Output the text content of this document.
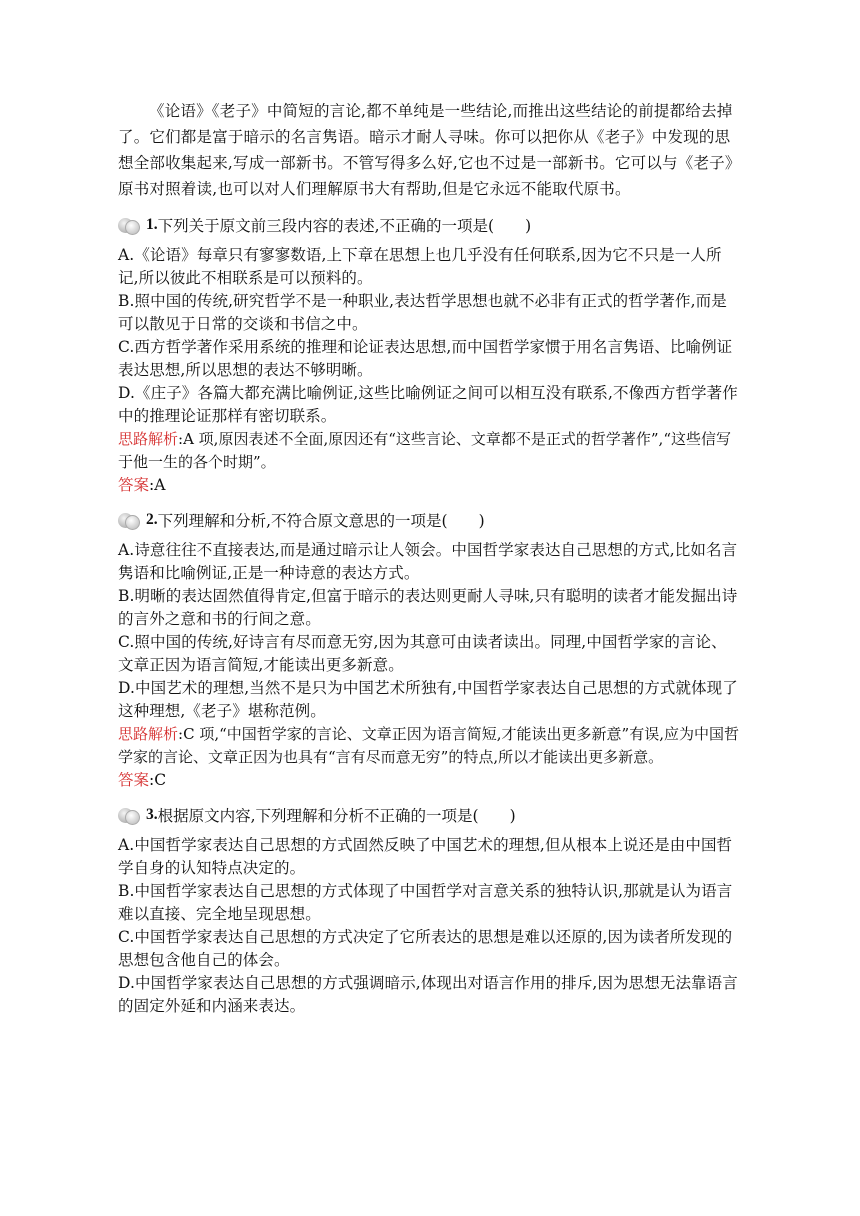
《论语》《老子》中简短的言论,都不单纯是一些结论,而推出这些结论的前提都给去掉了。它们都是富于暗示的名言隽语。暗示才耐人寻味。你可以把你从《老子》中发现的思想全部收集起来,写成一部新书。不管写得多么好,它也不过是一部新书。它可以与《老子》原书对照着读,也可以对人们理解原书大有帮助,但是它永远不能取代原书。

1. 下列关于原文前三段内容的表述,不正确的一项是(　　)

A.《论语》每章只有寥寥数语,上下章在思想上也几乎没有任何联系,因为它不只是一人所记,所以彼此不相联系是可以预料的。

B.照中国的传统,研究哲学不是一种职业,表达哲学思想也就不必非有正式的哲学著作,而是可以散见于日常的交谈和书信之中。

C.西方哲学著作采用系统的推理和论证表达思想,而中国哲学家惯于用名言隽语、比喻例证表达思想,所以思想的表达不够明晰。

D.《庄子》各篇大都充满比喻例证,这些比喻例证之间可以相互没有联系,不像西方哲学著作中的推理论证那样有密切联系。

思路解析:A 项,原因表述不全面,原因还有“这些言论、文章都不是正式的哲学著作”,“这些信写于他一生的各个时期”。

答案:A

2. 下列理解和分析,不符合原文意思的一项是(　　)

A.诗意往往不直接表达,而是通过暗示让人领会。中国哲学家表达自己思想的方式,比如名言隽语和比喻例证,正是一种诗意的表达方式。

B.明晰的表达固然值得肯定,但富于暗示的表达则更耐人寻味,只有聪明的读者才能发掘出诗的言外之意和书的行间之意。

C.照中国的传统,好诗言有尽而意无穷,因为其意可由读者读出。同理,中国哲学家的言论、文章正因为语言简短,才能读出更多新意。

D.中国艺术的理想,当然不是只为中国艺术所独有,中国哲学家表达自己思想的方式就体现了这种理想,《老子》堪称范例。

思路解析:C 项,“中国哲学家的言论、文章正因为语言简短,才能读出更多新意”有误,应为中国哲学家的言论、文章正因为也具有“言有尽而意无穷”的特点,所以才能读出更多新意。

答案:C

3. 根据原文内容,下列理解和分析不正确的一项是(　　)

A.中国哲学家表达自己思想的方式固然反映了中国艺术的理想,但从根本上说还是由中国哲学自身的认知特点决定的。

B.中国哲学家表达自己思想的方式体现了中国哲学对言意关系的独特认识,那就是认为语言难以直接、完全地呈现思想。

C.中国哲学家表达自己思想的方式决定了它所表达的思想是难以还原的,因为读者所发现的思想包含他自己的体会。

D.中国哲学家表达自己思想的方式强调暗示,体现出对语言作用的排斥,因为思想无法靠语言的固定外延和内涵来表达。
